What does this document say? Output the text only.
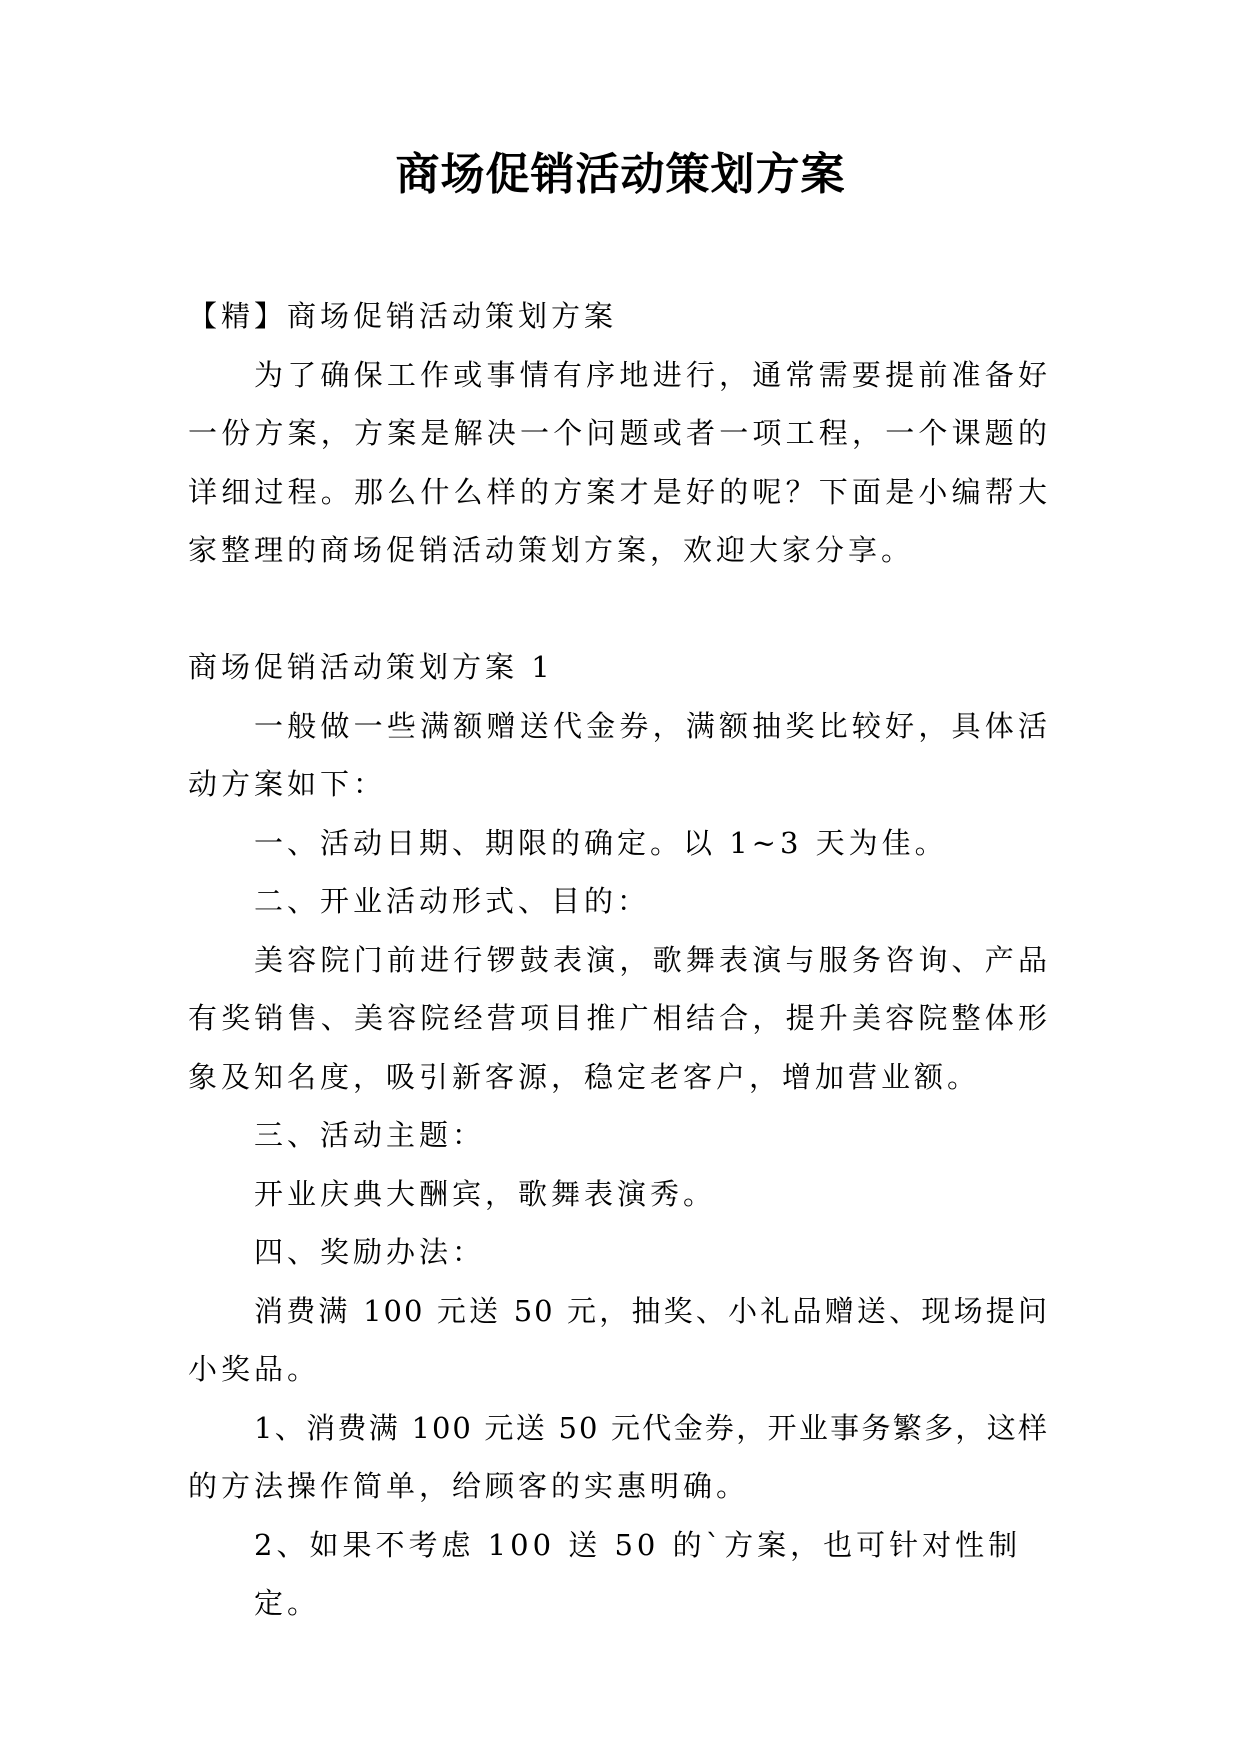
商场促销活动策划方案
【精】商场促销活动策划方案
为了确保工作或事情有序地进行，通常需要提前准备好
一份方案，方案是解决一个问题或者一项工程，一个课题的
详细过程。那么什么样的方案才是好的呢？下面是小编帮大
家整理的商场促销活动策划方案，欢迎大家分享。
商场促销活动策划方案 1
一般做一些满额赠送代金券，满额抽奖比较好，具体活
动方案如下：
一、活动日期、期限的确定。以 1~3 天为佳。
二、开业活动形式、目的：
美容院门前进行锣鼓表演，歌舞表演与服务咨询、产品
有奖销售、美容院经营项目推广相结合，提升美容院整体形
象及知名度，吸引新客源，稳定老客户，增加营业额。
三、活动主题：
开业庆典大酬宾，歌舞表演秀。
四、奖励办法：
消费满 100 元送 50 元，抽奖、小礼品赠送、现场提问
小奖品。
1、消费满 100 元送 50 元代金券，开业事务繁多，这样
的方法操作简单，给顾客的实惠明确。
2、如果不考虑 100 送 50 的`方案，也可针对性制定。
